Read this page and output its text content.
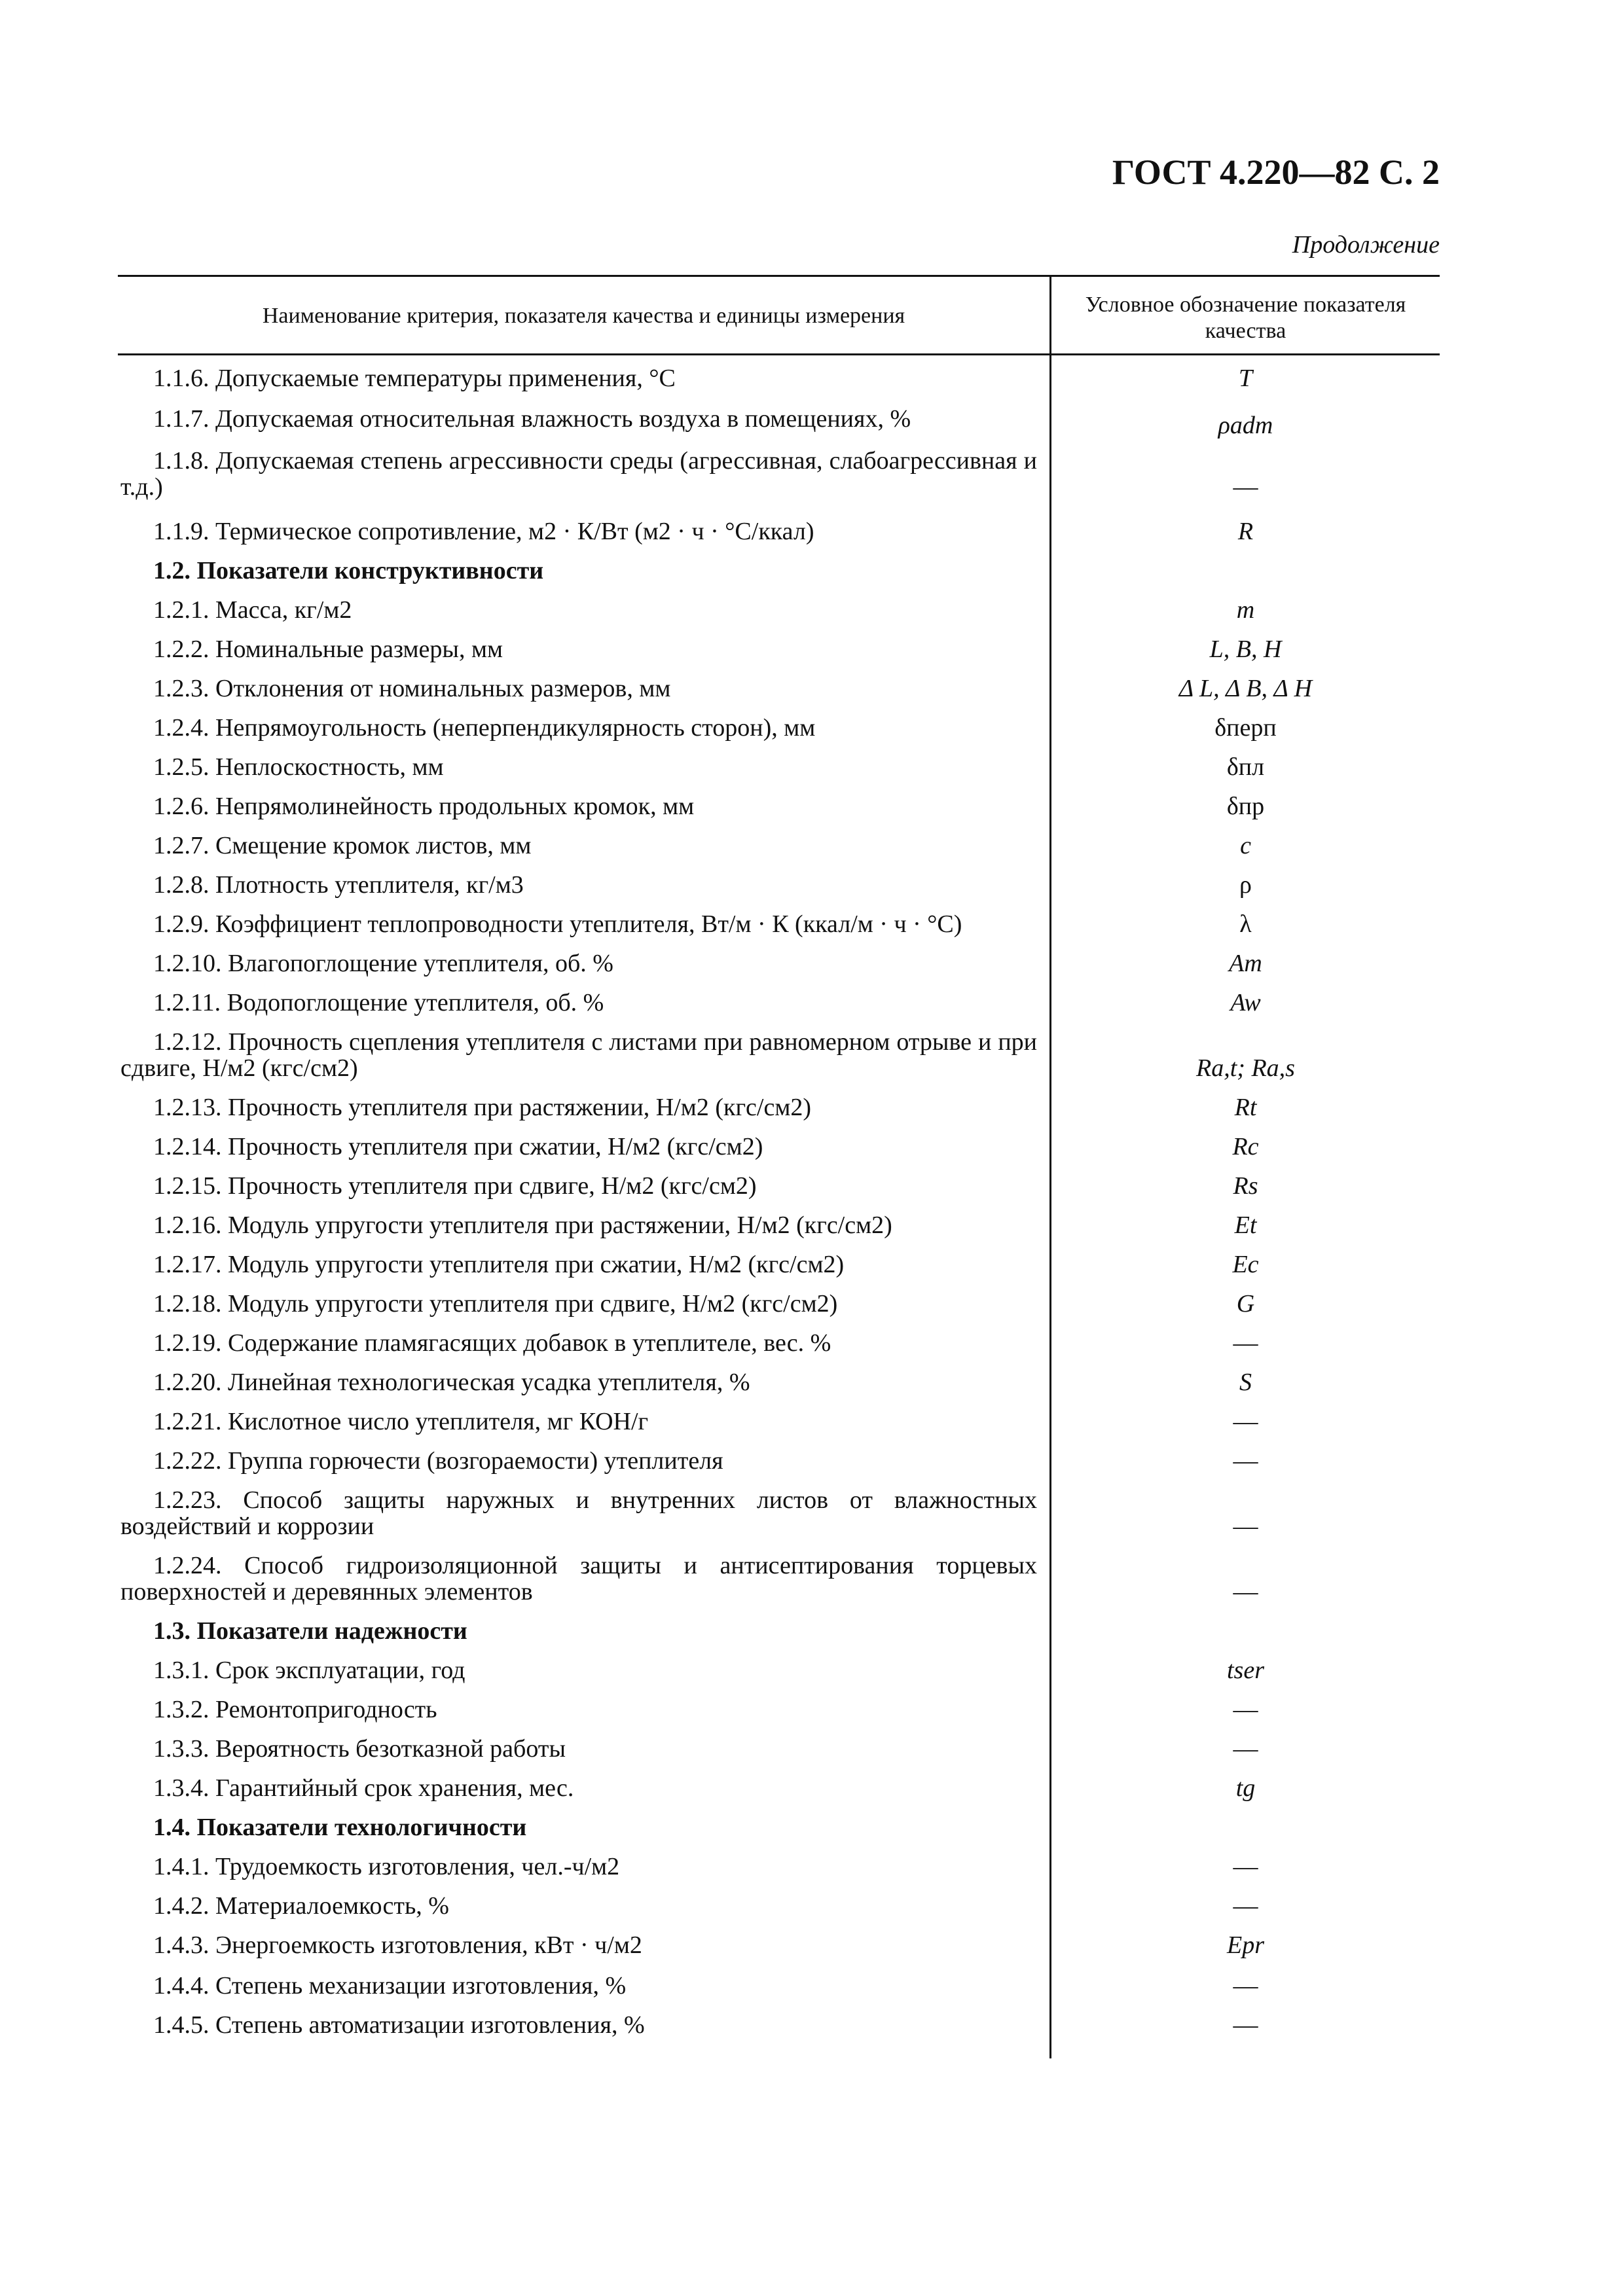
ГОСТ 4.220—82 С. 2
Продолжение
Наименование критерия, показателя качества и единицы измерения	Условное обозначение показателя качества
1.1.6. Допускаемые температуры применения, °C	T
1.1.7. Допускаемая относительная влажность воздуха в помещениях, %	ρadm
1.1.8. Допускаемая степень агрессивности среды (агрессивная, слабоагрессивная и т.д.)	—
1.1.9. Термическое сопротивление, м2 · К/Вт (м2 · ч · °С/ккал)	R
1.2. Показатели конструктивности
1.2.1. Масса, кг/м2	m
1.2.2. Номинальные размеры, мм	L, B, H
1.2.3. Отклонения от номинальных размеров, мм	Δ L, Δ B, Δ H
1.2.4. Непрямоугольность (неперпендикулярность сторон), мм	δперп
1.2.5. Неплоскостность, мм	δпл
1.2.6. Непрямолинейность продольных кромок, мм	δпр
1.2.7. Смещение кромок листов, мм	c
1.2.8. Плотность утеплителя, кг/м3	ρ
1.2.9. Коэффициент теплопроводности утеплителя, Вт/м · К (ккал/м · ч · °С)	λ
1.2.10. Влагопоглощение утеплителя, об. %	Am
1.2.11. Водопоглощение утеплителя, об. %	Aw
1.2.12. Прочность сцепления утеплителя с листами при равномерном отрыве и при сдвиге, Н/м2 (кгс/см2)	Ra,t; Ra,s
1.2.13. Прочность утеплителя при растяжении, Н/м2 (кгс/см2)	Rt
1.2.14. Прочность утеплителя при сжатии, Н/м2 (кгс/см2)	Rc
1.2.15. Прочность утеплителя при сдвиге, Н/м2 (кгс/см2)	Rs
1.2.16. Модуль упругости утеплителя при растяжении, Н/м2 (кгс/см2)	Et
1.2.17. Модуль упругости утеплителя при сжатии, Н/м2 (кгс/см2)	Ec
1.2.18. Модуль упругости утеплителя при сдвиге, Н/м2 (кгс/см2)	G
1.2.19. Содержание пламягасящих добавок в утеплителе, вес. %	—
1.2.20. Линейная технологическая усадка утеплителя, %	S
1.2.21. Кислотное число утеплителя, мг КОН/г	—
1.2.22. Группа горючести (возгораемости) утеплителя	—
1.2.23. Способ защиты наружных и внутренних листов от влажностных воздействий и коррозии	—
1.2.24. Способ гидроизоляционной защиты и антисептирования торцевых поверхностей и деревянных элементов	—
1.3. Показатели надежности
1.3.1. Срок эксплуатации, год	tser
1.3.2. Ремонтопригодность	—
1.3.3. Вероятность безотказной работы	—
1.3.4. Гарантийный срок хранения, мес.	tg
1.4. Показатели технологичности
1.4.1. Трудоемкость изготовления, чел.-ч/м2	—
1.4.2. Материалоемкость, %	—
1.4.3. Энергоемкость изготовления, кВт · ч/м2	Epr
1.4.4. Степень механизации изготовления, %	—
1.4.5. Степень автоматизации изготовления, %	—
